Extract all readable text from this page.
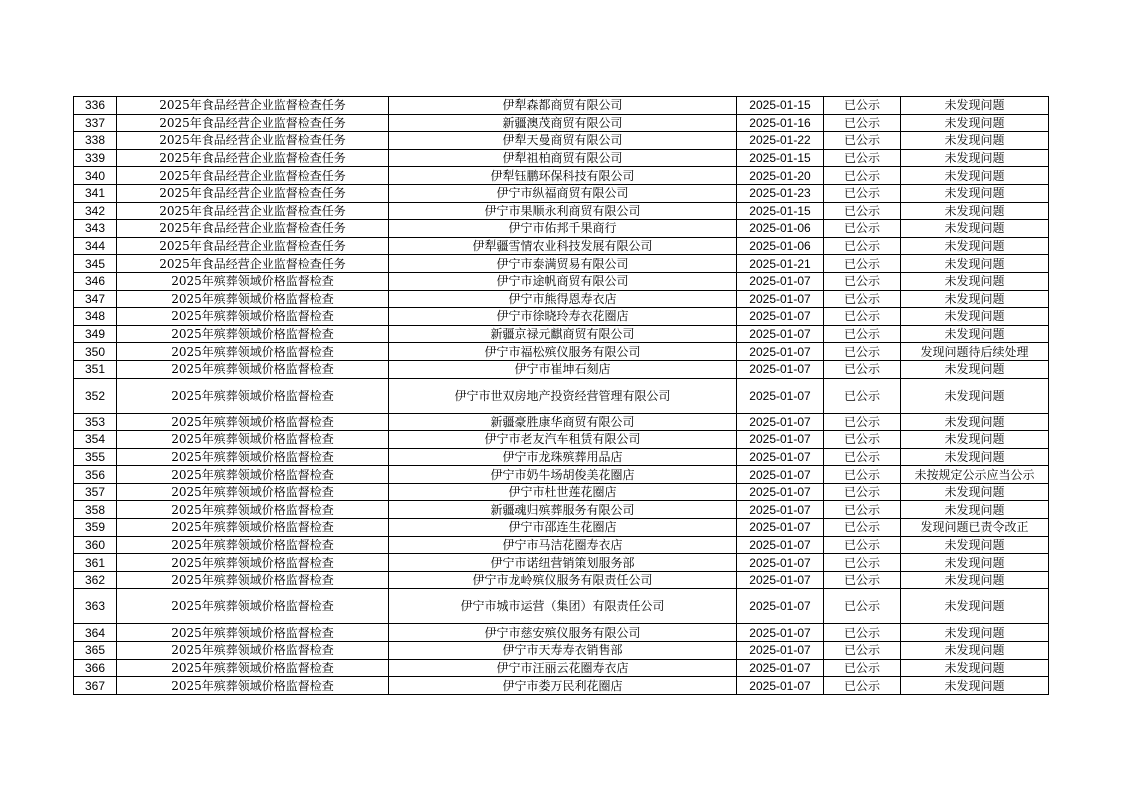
336	2025年食品经营企业监督检查任务	伊犁森都商贸有限公司	2025-01-15	已公示	未发现问题
337	2025年食品经营企业监督检查任务	新疆澳茂商贸有限公司	2025-01-16	已公示	未发现问题
338	2025年食品经营企业监督检查任务	伊犁天曼商贸有限公司	2025-01-22	已公示	未发现问题
339	2025年食品经营企业监督检查任务	伊犁祖柏商贸有限公司	2025-01-15	已公示	未发现问题
340	2025年食品经营企业监督检查任务	伊犁钰鹏环保科技有限公司	2025-01-20	已公示	未发现问题
341	2025年食品经营企业监督检查任务	伊宁市纵福商贸有限公司	2025-01-23	已公示	未发现问题
342	2025年食品经营企业监督检查任务	伊宁市果顺永利商贸有限公司	2025-01-15	已公示	未发现问题
343	2025年食品经营企业监督检查任务	伊宁市佑邦千果商行	2025-01-06	已公示	未发现问题
344	2025年食品经营企业监督检查任务	伊犁疆雪情农业科技发展有限公司	2025-01-06	已公示	未发现问题
345	2025年食品经营企业监督检查任务	伊宁市泰满贸易有限公司	2025-01-21	已公示	未发现问题
346	2025年殡葬领域价格监督检查	伊宁市途帆商贸有限公司	2025-01-07	已公示	未发现问题
347	2025年殡葬领域价格监督检查	伊宁市熊得恩寿衣店	2025-01-07	已公示	未发现问题
348	2025年殡葬领域价格监督检查	伊宁市徐晓玲寿衣花圈店	2025-01-07	已公示	未发现问题
349	2025年殡葬领域价格监督检查	新疆京禄元麒商贸有限公司	2025-01-07	已公示	未发现问题
350	2025年殡葬领域价格监督检查	伊宁市福松殡仪服务有限公司	2025-01-07	已公示	发现问题待后续处理
351	2025年殡葬领域价格监督检查	伊宁市崔坤石刻店	2025-01-07	已公示	未发现问题
352	2025年殡葬领域价格监督检查	伊宁市世双房地产投资经营管理有限公司	2025-01-07	已公示	未发现问题
353	2025年殡葬领域价格监督检查	新疆豪胜康华商贸有限公司	2025-01-07	已公示	未发现问题
354	2025年殡葬领域价格监督检查	伊宁市老友汽车租赁有限公司	2025-01-07	已公示	未发现问题
355	2025年殡葬领域价格监督检查	伊宁市龙珠殡葬用品店	2025-01-07	已公示	未发现问题
356	2025年殡葬领域价格监督检查	伊宁市奶牛场胡俊美花圈店	2025-01-07	已公示	未按规定公示应当公示
357	2025年殡葬领域价格监督检查	伊宁市杜世莲花圈店	2025-01-07	已公示	未发现问题
358	2025年殡葬领域价格监督检查	新疆魂归殡葬服务有限公司	2025-01-07	已公示	未发现问题
359	2025年殡葬领域价格监督检查	伊宁市邵连生花圈店	2025-01-07	已公示	发现问题已责令改正
360	2025年殡葬领域价格监督检查	伊宁市马洁花圈寿衣店	2025-01-07	已公示	未发现问题
361	2025年殡葬领域价格监督检查	伊宁市诺纽营销策划服务部	2025-01-07	已公示	未发现问题
362	2025年殡葬领域价格监督检查	伊宁市龙岭殡仪服务有限责任公司	2025-01-07	已公示	未发现问题
363	2025年殡葬领域价格监督检查	伊宁市城市运营（集团）有限责任公司	2025-01-07	已公示	未发现问题
364	2025年殡葬领域价格监督检查	伊宁市慈安殡仪服务有限公司	2025-01-07	已公示	未发现问题
365	2025年殡葬领域价格监督检查	伊宁市天寿寿衣销售部	2025-01-07	已公示	未发现问题
366	2025年殡葬领域价格监督检查	伊宁市汪丽云花圈寿衣店	2025-01-07	已公示	未发现问题
367	2025年殡葬领域价格监督检查	伊宁市娄万民利花圈店	2025-01-07	已公示	未发现问题
